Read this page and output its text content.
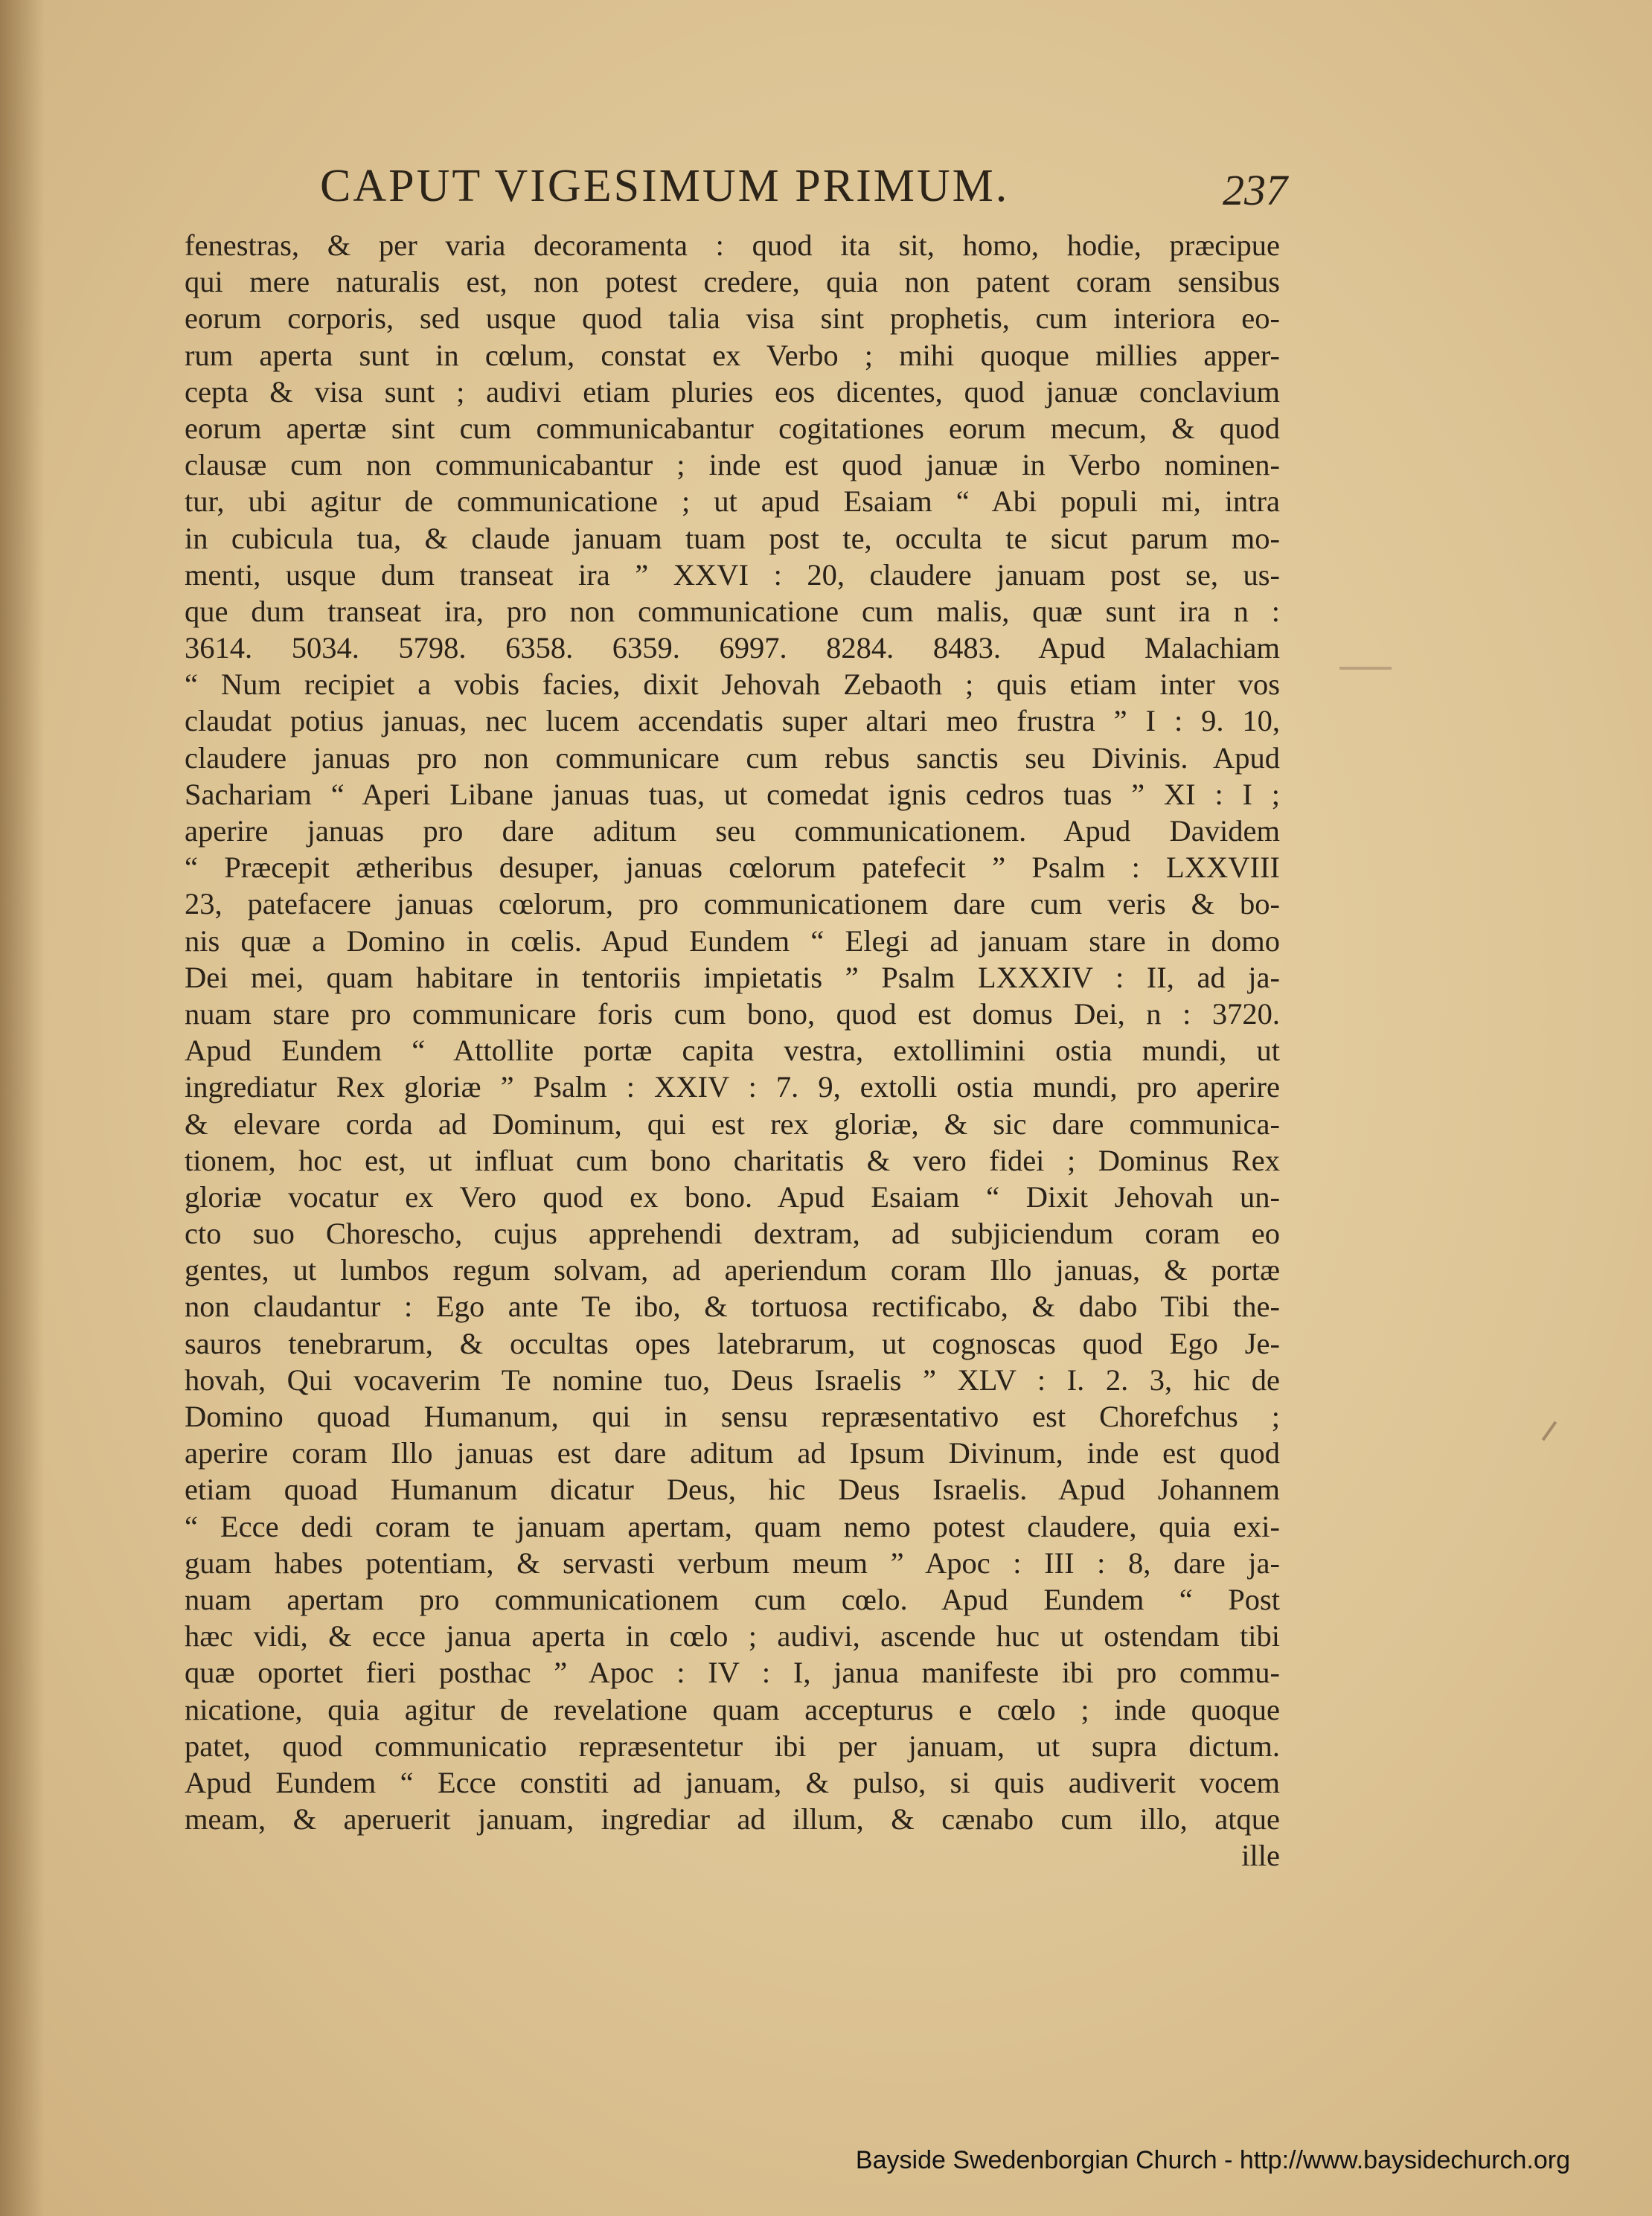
CAPUT VIGESIMUM PRIMUM.	237
fenestras, & per varia decoramenta : quod ita sit, homo, hodie, præcipue
qui mere naturalis est, non potest credere, quia non patent coram sensibus
eorum corporis, sed usque quod talia visa sint prophetis, cum interiora eo-
rum aperta sunt in cœlum, constat ex Verbo ; mihi quoque millies apper-
cepta & visa sunt ; audivi etiam pluries eos dicentes, quod januæ conclavium
eorum apertæ sint cum communicabantur cogitationes eorum mecum, & quod
clausæ cum non communicabantur ; inde est quod januæ in Verbo nominen-
tur, ubi agitur de communicatione ; ut apud Esaiam “ Abi populi mi, intra
in cubicula tua, & claude januam tuam post te, occulta te sicut parum mo-
menti, usque dum transeat ira ” XXVI : 20, claudere januam post se, us-
que dum transeat ira, pro non communicatione cum malis, quæ sunt ira n :
3614. 5034. 5798. 6358. 6359. 6997. 8284. 8483. Apud Malachiam
“ Num recipiet a vobis facies, dixit Jehovah Zebaoth ; quis etiam inter vos
claudat potius januas, nec lucem accendatis super altari meo frustra ” I : 9. 10,
claudere januas pro non communicare cum rebus sanctis seu Divinis. Apud
Sachariam “ Aperi Libane januas tuas, ut comedat ignis cedros tuas ” XI : I ;
aperire januas pro dare aditum seu communicationem. Apud Davidem
“ Præcepit ætheribus desuper, januas cœlorum patefecit ” Psalm : LXXVIII
23, patefacere januas cœlorum, pro communicationem dare cum veris & bo-
nis quæ a Domino in cœlis. Apud Eundem “ Elegi ad januam stare in domo
Dei mei, quam habitare in tentoriis impietatis ” Psalm LXXXIV : II, ad ja-
nuam stare pro communicare foris cum bono, quod est domus Dei, n : 3720.
Apud Eundem “ Attollite portæ capita vestra, extollimini ostia mundi, ut
ingrediatur Rex gloriæ ” Psalm : XXIV : 7. 9, extolli ostia mundi, pro aperire
& elevare corda ad Dominum, qui est rex gloriæ, & sic dare communica-
tionem, hoc est, ut influat cum bono charitatis & vero fidei ; Dominus Rex
gloriæ vocatur ex Vero quod ex bono. Apud Esaiam “ Dixit Jehovah un-
cto suo Chorescho, cujus apprehendi dextram, ad subjiciendum coram eo
gentes, ut lumbos regum solvam, ad aperiendum coram Illo januas, & portæ
non claudantur : Ego ante Te ibo, & tortuosa rectificabo, & dabo Tibi the-
sauros tenebrarum, & occultas opes latebrarum, ut cognoscas quod Ego Je-
hovah, Qui vocaverim Te nomine tuo, Deus Israelis ” XLV : I. 2. 3, hic de
Domino quoad Humanum, qui in sensu repræsentativo est Chorefchus ;
aperire coram Illo januas est dare aditum ad Ipsum Divinum, inde est quod
etiam quoad Humanum dicatur Deus, hic Deus Israelis. Apud Johannem
“ Ecce dedi coram te januam apertam, quam nemo potest claudere, quia exi-
guam habes potentiam, & servasti verbum meum ” Apoc : III : 8, dare ja-
nuam apertam pro communicationem cum cœlo. Apud Eundem “ Post
hæc vidi, & ecce janua aperta in cœlo ; audivi, ascende huc ut ostendam tibi
quæ oportet fieri posthac ” Apoc : IV : I, janua manifeste ibi pro commu-
nicatione, quia agitur de revelatione quam accepturus e cœlo ; inde quoque
patet, quod communicatio repræsentetur ibi per januam, ut supra dictum.
Apud Eundem “ Ecce constiti ad januam, & pulso, si quis audiverit vocem
meam, & aperuerit januam, ingrediar ad illum, & cænabo cum illo, atque
ille
Bayside Swedenborgian Church - http://www.baysidechurch.org
